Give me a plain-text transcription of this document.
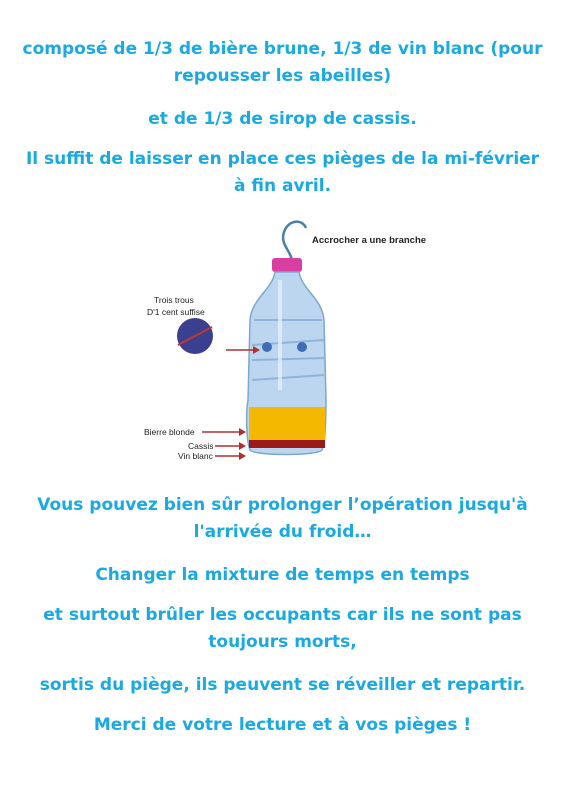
composé de 1/3 de bière brune, 1/3 de vin blanc (pour repousser les abeilles)

et de 1/3 de sirop de cassis.

Il suffit de laisser en place ces pièges de la mi-février à fin avril.

Accrocher a une branche
Trois trous
D'1 cent suffise
Bierre blonde
Cassis
Vin blanc

Vous pouvez bien sûr prolonger l’opération jusqu'à l'arrivée du froid…

Changer la mixture de temps en temps

et surtout brûler les occupants car ils ne sont pas toujours morts,

sortis du piège, ils peuvent se réveiller et repartir.

Merci de votre lecture et à vos pièges !
